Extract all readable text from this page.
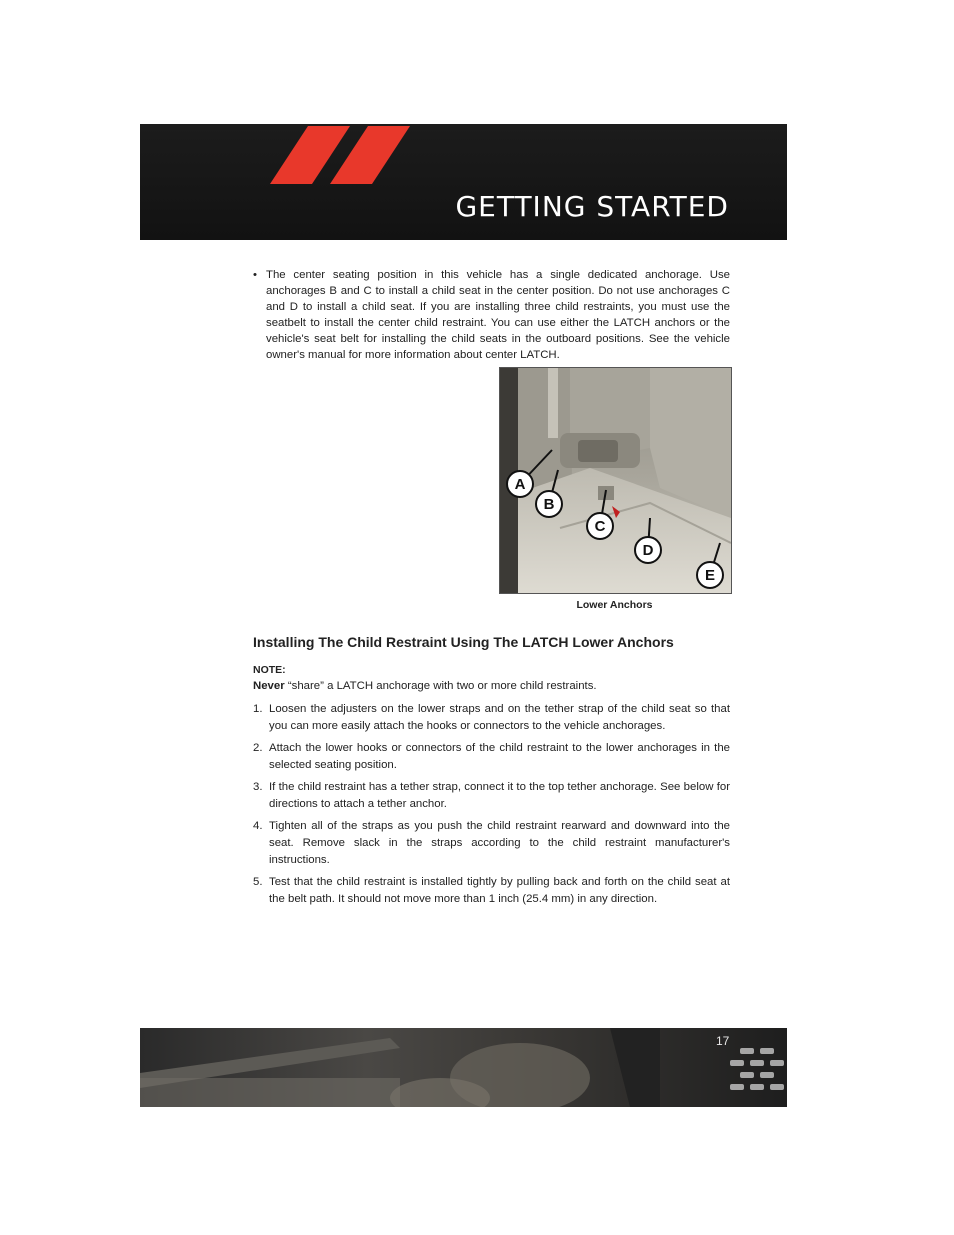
GETTING STARTED
• The center seating position in this vehicle has a single dedicated anchorage. Use anchorages B and C to install a child seat in the center position. Do not use anchorages C and D to install a child seat. If you are installing three child restraints, you must use the seatbelt to install the center child restraint. You can use either the LATCH anchors or the vehicle's seat belt for installing the child seats in the outboard positions. See the vehicle owner's manual for more information about center LATCH.
A
B
C
D
E
Lower Anchors
Installing The Child Restraint Using The LATCH Lower Anchors
NOTE:
Never “share” a LATCH anchorage with two or more child restraints.
1. Loosen the adjusters on the lower straps and on the tether strap of the child seat so that you can more easily attach the hooks or connectors to the vehicle anchorages.
2. Attach the lower hooks or connectors of the child restraint to the lower anchorages in the selected seating position.
3. If the child restraint has a tether strap, connect it to the top tether anchorage. See below for directions to attach a tether anchor.
4. Tighten all of the straps as you push the child restraint rearward and downward into the seat. Remove slack in the straps according to the child restraint manufacturer's instructions.
5. Test that the child restraint is installed tightly by pulling back and forth on the child seat at the belt path. It should not move more than 1 inch (25.4 mm) in any direction.
17
